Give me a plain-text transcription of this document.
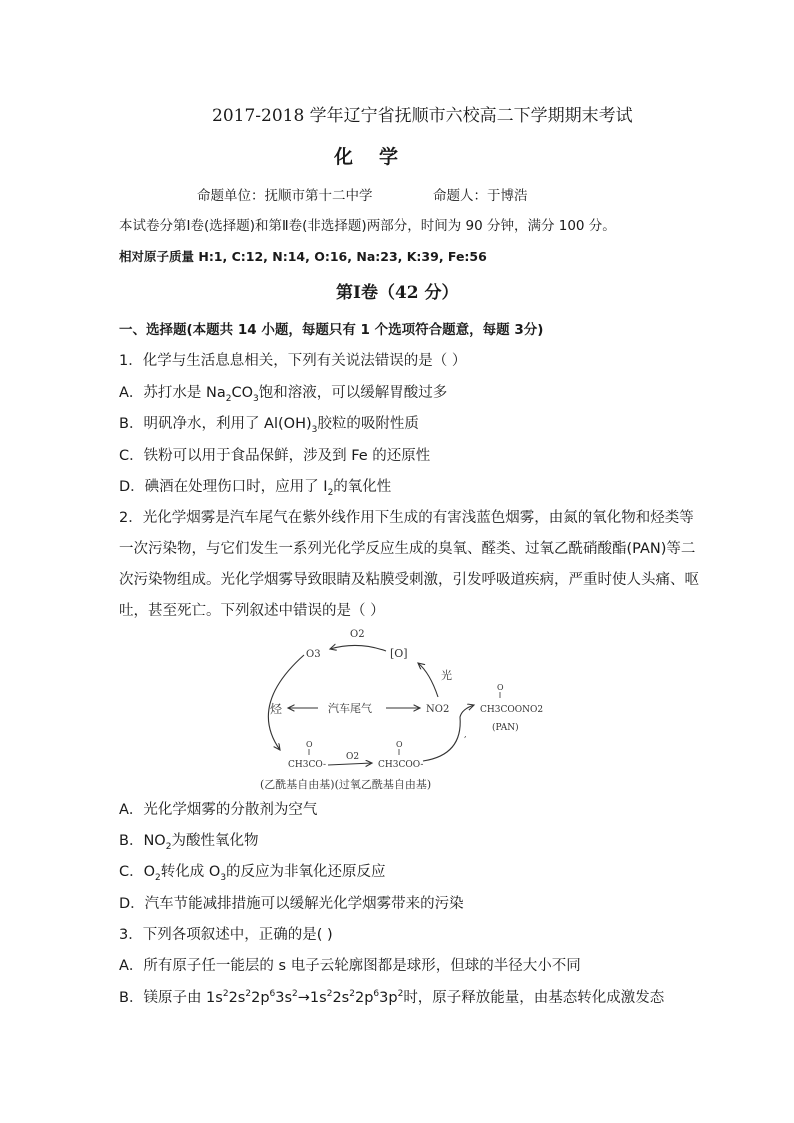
2017-2018 学年辽宁省抚顺市六校高二下学期期末考试
化学
命题单位：抚顺市第十二中学	命题人：于博浩
本试卷分第Ⅰ卷(选择题)和第Ⅱ卷(非选择题)两部分，时间为 90 分钟，满分 100 分。
相对原子质量 H:1, C:12, N:14, O:16, Na:23, K:39, Fe:56
第Ⅰ卷（42 分）
一、选择题(本题共 14 小题，每题只有 1 个选项符合题意，每题 3分)
1．化学与生活息息相关，下列有关说法错误的是（ ）
A．苏打水是 $Na_2CO_3$饱和溶液，可以缓解胃酸过多
B．明矾净水，利用了 $Al(OH)_3$胶粒的吸附性质
C．铁粉可以用于食品保鲜，涉及到 Fe 的还原性
D．碘酒在处理伤口时，应用了 $I_2$的氧化性
2．光化学烟雾是汽车尾气在紫外线作用下生成的有害浅蓝色烟雾，由氮的氧化物和烃类等
一次污染物，与它们发生一系列光化学反应生成的臭氧、醛类、过氧乙酰硝酸酯(PAN)等二
次污染物组成。光化学烟雾导致眼睛及粘膜受刺激，引发呼吸道疾病，严重时使人头痛、呕
吐，甚至死亡。下列叙述中错误的是（ ）
O2
O3	[O]
光
烃	汽车尾气	NO2
O
CH3COONO2
(PAN)
O
CH3CO-
O2
O
CH3COO-
,
(乙酰基自由基)(过氧乙酰基自由基)
A．光化学烟雾的分散剂为空气
B．$NO_2$为酸性氧化物
C．$O_2$转化成 $O_3$的反应为非氧化还原反应
D．汽车节能减排措施可以缓解光化学烟雾带来的污染
3．下列各项叙述中，正确的是( )
A．所有原子任一能层的 s 电子云轮廓图都是球形，但球的半径大小不同
B．镁原子由 $1s^22s^22p^63s^2\to 1s^22s^22p^63p^2$时，原子释放能量，由基态转化成激发态
